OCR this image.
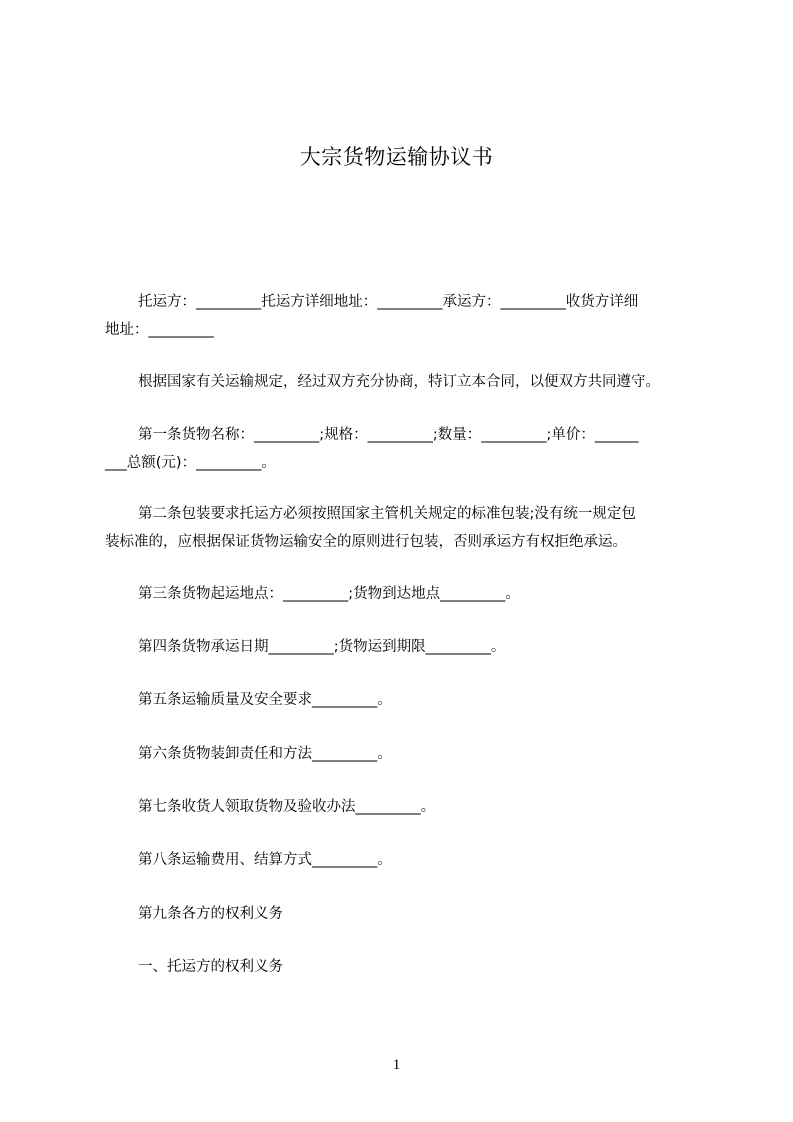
大宗货物运输协议书
托运方：_________托运方详细地址：_________承运方：_________收货方详细
地址：_________
根据国家有关运输规定，经过双方充分协商，特订立本合同，以便双方共同遵守。
第一条货物名称：_________;规格：_________;数量：_________;单价：______
___总额(元)：_________。
第二条包装要求托运方必须按照国家主管机关规定的标准包装;没有统一规定包
装标准的，应根据保证货物运输安全的原则进行包装，否则承运方有权拒绝承运。
第三条货物起运地点：_________;货物到达地点_________。
第四条货物承运日期_________;货物运到期限_________。
第五条运输质量及安全要求_________。
第六条货物装卸责任和方法_________。
第七条收货人领取货物及验收办法_________。
第八条运输费用、结算方式_________。
第九条各方的权利义务
一、托运方的权利义务
1
